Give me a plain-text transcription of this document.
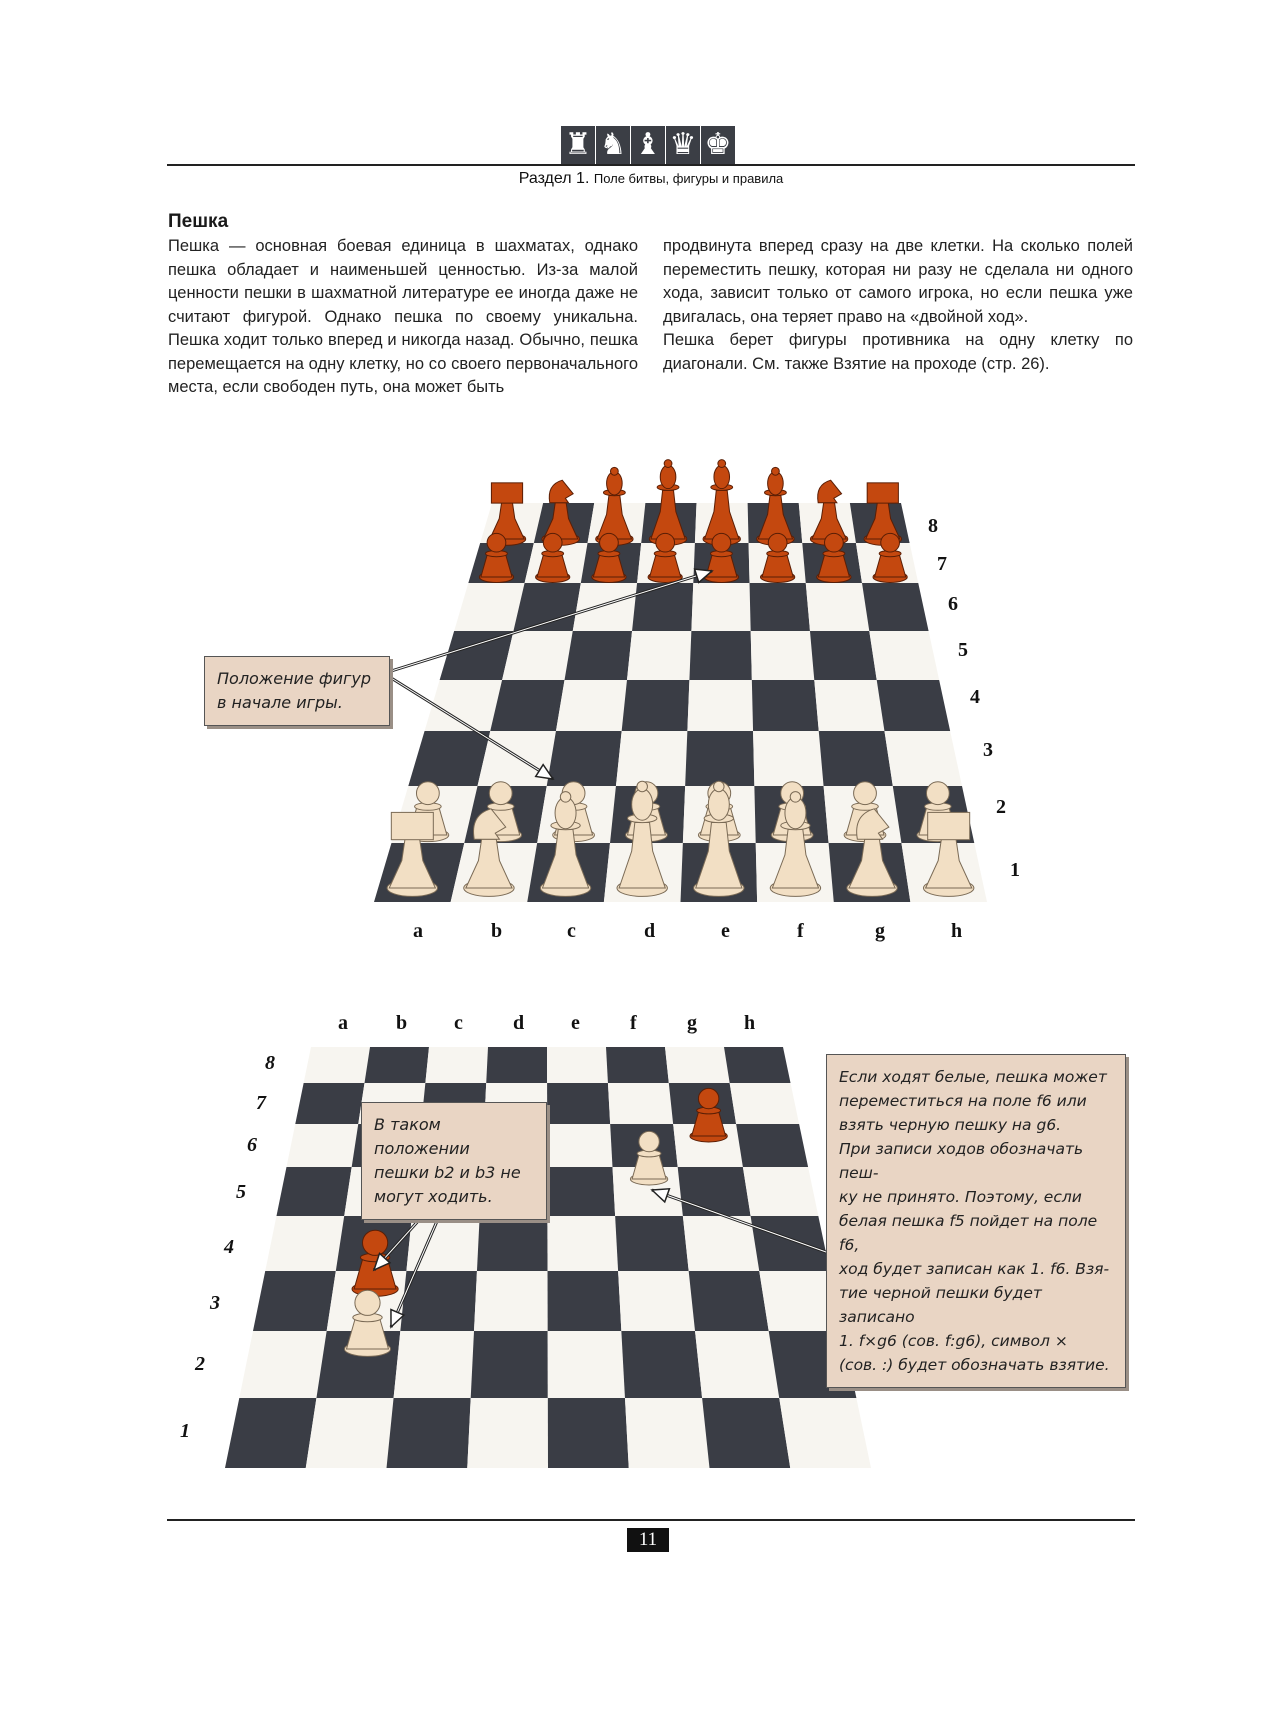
♜ ♞ ♝ ♛ ♚
Раздел 1. Поле битвы, фигуры и правила
Пешка

Пешка — основная боевая единица в шахматах, однако пешка обладает и наименьшей ценностью. Из-за малой ценности пешки в шахматной литературе ее иногда даже не считают фигурой. Однако пешка по своему уникальна. Пешка ходит только вперед и никогда назад. Обычно, пешка перемещается на одну клетку, но со своего первоначального места, если свободен путь, она может быть

продвинута вперед сразу на две клетки. На сколько полей переместить пешку, которая ни разу не сделала ни одного хода, зависит только от самого игрока, но если пешка уже двигалась, она теряет право на «двойной ход».

Пешка берет фигуры противника на одну клетку по диагонали. См. также Взятие на проходе (стр. 26).

Положение фигур
в начале игры.
a	b	c	d	e	f	g	h
8
7
6
5
4
3
2
1
a b c	d e	f	g h
8
7
6
5
4
3
2
1
В таком положении
пешки b2 и b3 не
могут ходить.
Если ходят белые, пешка может
переместиться на поле f6 или
взять черную пешку на g6.
При записи ходов обозначать пеш-
ку не принято. Поэтому, если
белая пешка f5 пойдет на поле f6,
ход будет записан как 1. f6. Взя-
тие черной пешки будет записано
1. f×g6 (сов. f:g6), символ ×
(сов. :) будет обозначать взятие.
11
